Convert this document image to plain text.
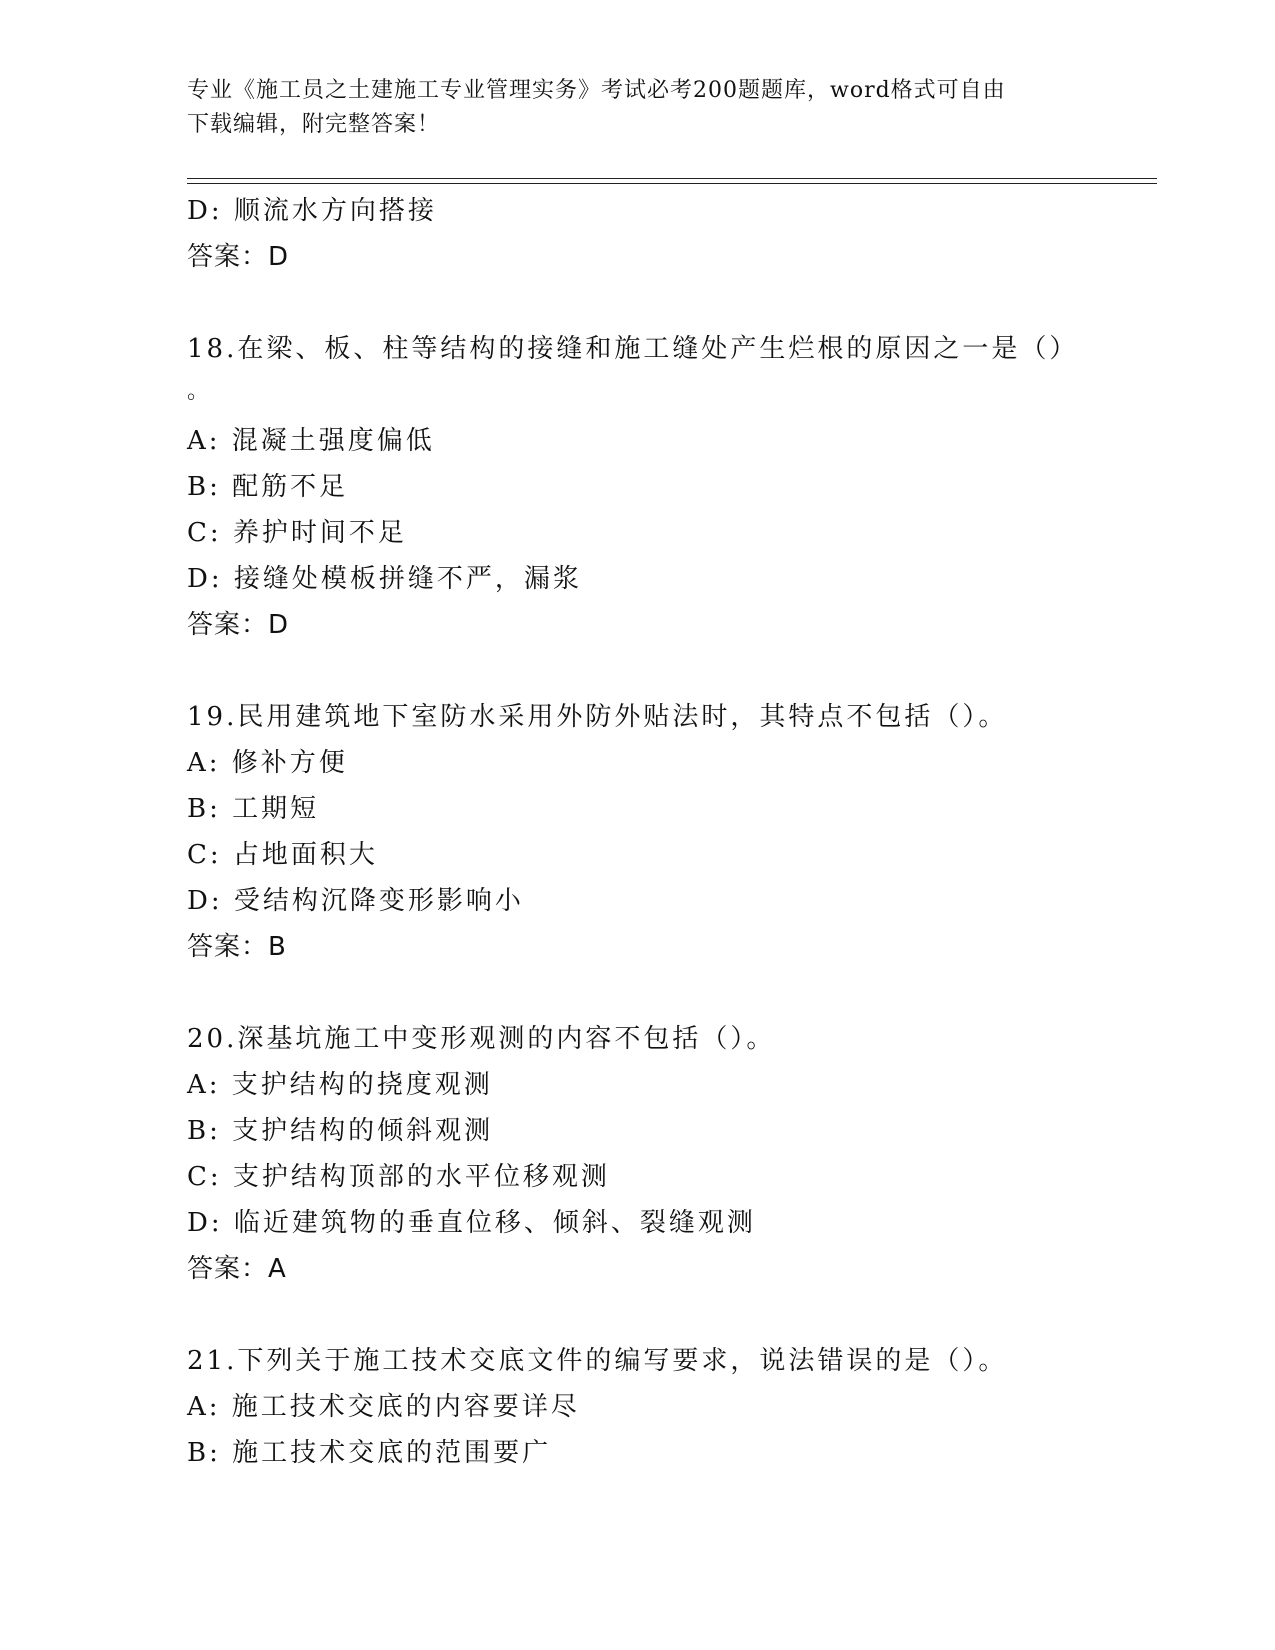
专业《施工员之土建施工专业管理实务》考试必考200题题库，word格式可自由
下载编辑，附完整答案！
D: 顺流水方向搭接
答案：D
18.在梁、板、柱等结构的接缝和施工缝处产生烂根的原因之一是（）
。
A: 混凝土强度偏低
B: 配筋不足
C: 养护时间不足
D: 接缝处模板拼缝不严，漏浆
答案：D
19.民用建筑地下室防水采用外防外贴法时，其特点不包括（）。
A: 修补方便
B: 工期短
C: 占地面积大
D: 受结构沉降变形影响小
答案：B
20.深基坑施工中变形观测的内容不包括（）。
A: 支护结构的挠度观测
B: 支护结构的倾斜观测
C: 支护结构顶部的水平位移观测
D: 临近建筑物的垂直位移、倾斜、裂缝观测
答案：A
21.下列关于施工技术交底文件的编写要求，说法错误的是（）。
A: 施工技术交底的内容要详尽
B: 施工技术交底的范围要广
